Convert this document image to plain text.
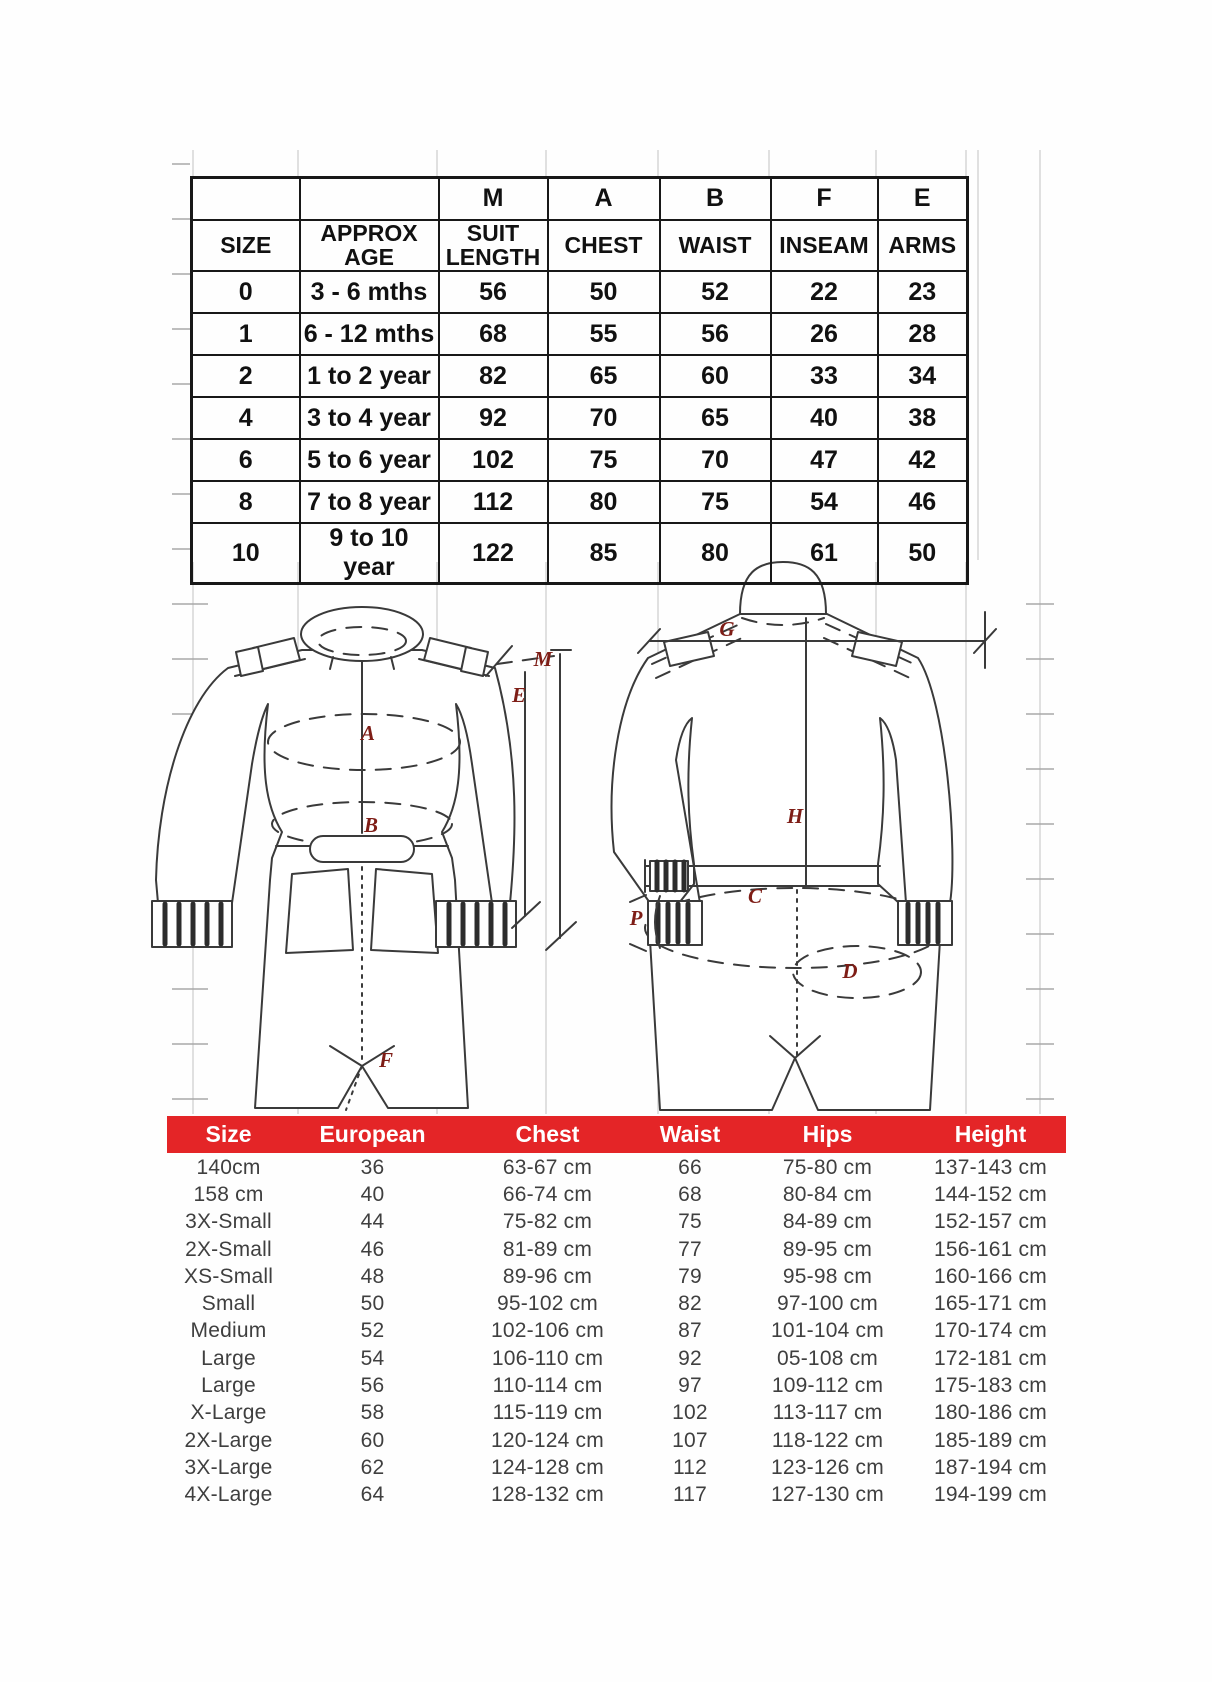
M
E
A
B
F
G
H
C
D
P
		M	A	B	F	E
SIZE	APPROX AGE	SUIT LENGTH	CHEST	WAIST	INSEAM	ARMS
0	3 - 6 mths	56	50	52	22	23
1	6 - 12 mths	68	55	56	26	28
2	1 to 2 year	82	65	60	33	34
4	3 to 4 year	92	70	65	40	38
6	5 to 6 year	102	75	70	47	42
8	7 to 8 year	112	80	75	54	46
10	9 to 10 year	122	85	80	61	50
Size	European	Chest	Waist	Hips	Height
140cm	36	63-67 cm	66	75-80 cm	137-143 cm
158 cm	40	66-74 cm	68	80-84 cm	144-152 cm
3X-Small	44	75-82 cm	75	84-89 cm	152-157 cm
2X-Small	46	81-89 cm	77	89-95 cm	156-161 cm
XS-Small	48	89-96 cm	79	95-98 cm	160-166 cm
Small	50	95-102 cm	82	97-100 cm	165-171 cm
Medium	52	102-106 cm	87	101-104 cm	170-174 cm
Large	54	106-110 cm	92	05-108 cm	172-181 cm
Large	56	110-114 cm	97	109-112 cm	175-183 cm
X-Large	58	115-119 cm	102	113-117 cm	180-186 cm
2X-Large	60	120-124 cm	107	118-122 cm	185-189 cm
3X-Large	62	124-128 cm	112	123-126 cm	187-194 cm
4X-Large	64	128-132 cm	117	127-130 cm	194-199 cm
